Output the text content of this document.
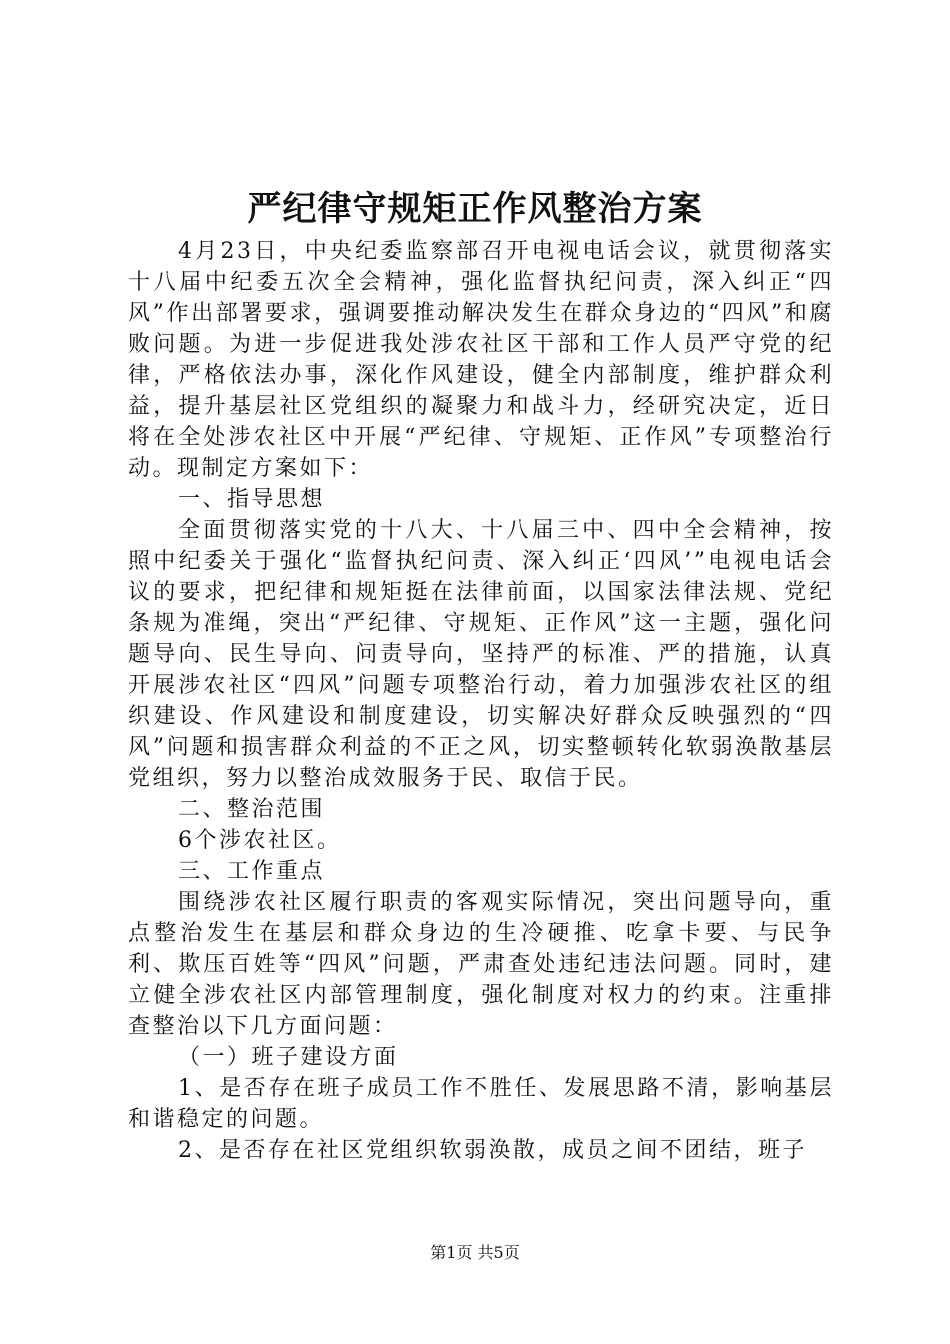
严纪律守规矩正作风整治方案

4月23日，中央纪委监察部召开电视电话会议，就贯彻落实十八届中纪委五次全会精神，强化监督执纪问责，深入纠正“四风”作出部署要求，强调要推动解决发生在群众身边的“四风”和腐败问题。为进一步促进我处涉农社区干部和工作人员严守党的纪律，严格依法办事，深化作风建设，健全内部制度，维护群众利益，提升基层社区党组织的凝聚力和战斗力，经研究决定，近日将在全处涉农社区中开展“严纪律、守规矩、正作风”专项整治行动。现制定方案如下：

一、指导思想

全面贯彻落实党的十八大、十八届三中、四中全会精神，按照中纪委关于强化“监督执纪问责、深入纠正‘四风’”电视电话会议的要求，把纪律和规矩挺在法律前面，以国家法律法规、党纪条规为准绳，突出“严纪律、守规矩、正作风”这一主题，强化问题导向、民生导向、问责导向，坚持严的标准、严的措施，认真开展涉农社区“四风”问题专项整治行动，着力加强涉农社区的组织建设、作风建设和制度建设，切实解决好群众反映强烈的“四风”问题和损害群众利益的不正之风，切实整顿转化软弱涣散基层党组织，努力以整治成效服务于民、取信于民。

二、整治范围

6个涉农社区。

三、工作重点

围绕涉农社区履行职责的客观实际情况，突出问题导向，重点整治发生在基层和群众身边的生冷硬推、吃拿卡要、与民争利、欺压百姓等“四风”问题，严肃查处违纪违法问题。同时，建立健全涉农社区内部管理制度，强化制度对权力的约束。注重排查整治以下几方面问题：

（一）班子建设方面

1、是否存在班子成员工作不胜任、发展思路不清，影响基层和谐稳定的问题。

2、是否存在社区党组织软弱涣散，成员之间不团结，班子

第1页 共5页
